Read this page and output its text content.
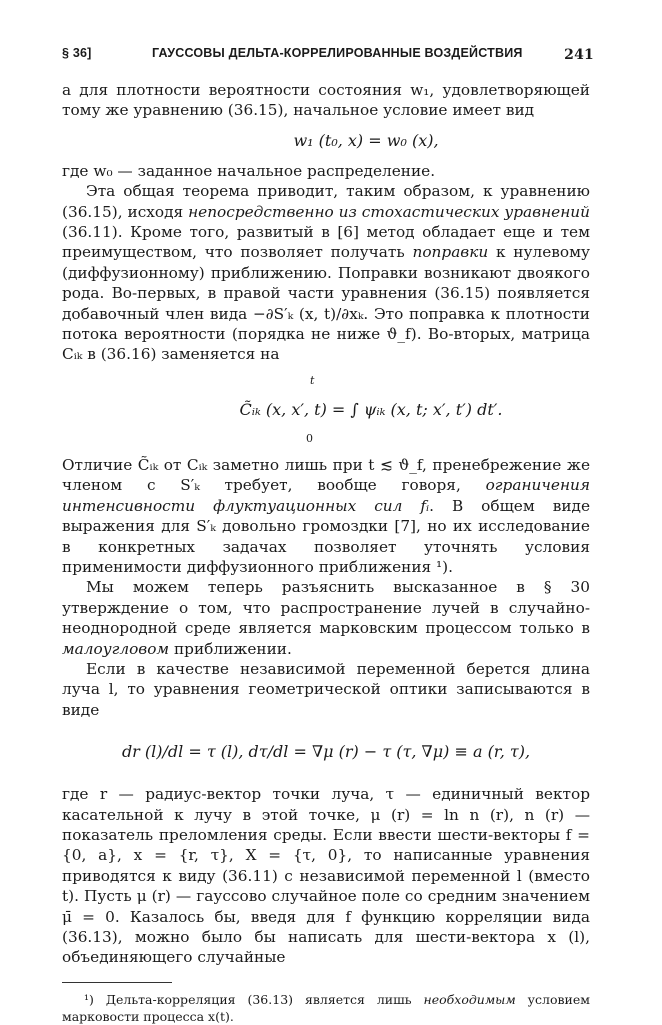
§ 36]	ГАУССОВЫ ДЕЛЬТА-КОРРЕЛИРОВАННЫЕ ВОЗДЕЙСТВИЯ	241

а для плотности вероятности состояния w₁, удовлетворяющей тому же уравнению (36.15), начальное условие имеет вид

w₁ (t₀, x) = w₀ (x),

где w₀ — заданное начальное распределение.

Эта общая теорема приводит, таким образом, к уравнению (36.15), исходя непосредственно из стохастических уравнений (36.11). Кроме того, развитый в [6] метод обладает еще и тем преимуществом, что позволяет получать поправки к нулевому (диффузионному) приближению. Поправки возникают двоякого рода. Во-первых, в правой части уравнения (36.15) появляется добавочный член вида −∂S′ₖ (x, t)/∂xₖ. Это поправка к плотности потока вероятности (порядка не ниже ϑ_f). Во-вторых, матрица Cᵢₖ в (36.16) заменяется на

t
C̃ᵢₖ (x, x′, t) = ∫ ψᵢₖ (x, t; x′, t′) dt′.
0

Отличие C̃ᵢₖ от Cᵢₖ заметно лишь при t ≲ ϑ_f, пренебрежение же членом с S′ₖ требует, вообще говоря, ограничения интенсивности флуктуационных сил fᵢ. В общем виде выражения для S′ₖ довольно громоздки [7], но их исследование в конкретных задачах позволяет уточнять условия применимости диффузионного приближения ¹).

Мы можем теперь разъяснить высказанное в § 30 утверждение о том, что распространение лучей в случайно-неоднородной среде является марковским процессом только в малоугловом приближении.

Если в качестве независимой переменной берется длина луча l, то уравнения геометрической оптики записываются в виде

dr (l)/dl = τ (l), dτ/dl = ∇μ (r) − τ (τ, ∇μ) ≡ a (r, τ),

где r — радиус-вектор точки луча, τ — единичный вектор касательной к лучу в этой точке, μ (r) = ln n (r), n (r) — показатель преломления среды. Если ввести шести-векторы f = {0, a}, x = {r, τ}, X = {τ, 0}, то написанные уравнения приводятся к виду (36.11) с независимой переменной l (вместо t). Пусть μ (r) — гауссово случайное поле со средним значением μ̄ = 0. Казалось бы, введя для f функцию корреляции вида (36.13), можно было бы написать для шести-вектора x (l), объединяющего случайные

¹) Дельта-корреляция (36.13) является лишь необходимым условием марковости процесса x(t).
